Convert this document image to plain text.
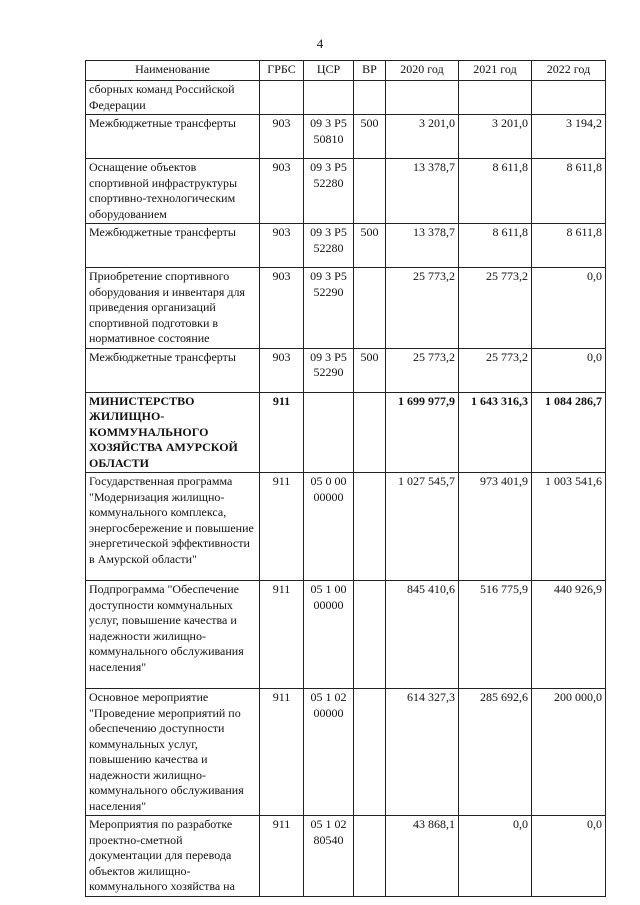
4
Наименование	ГРБС	ЦСР	ВР	2020 год	2021 год	2022 год
сборных команд Российской Федерации						
Межбюджетные трансферты	903	09 3 P5 50810	500	3 201,0	3 201,0	3 194,2
Оснащение объектов спортивной инфраструктуры спортивно-технологическим оборудованием	903	09 3 P5 52280		13 378,7	8 611,8	8 611,8
Межбюджетные трансферты	903	09 3 P5 52280	500	13 378,7	8 611,8	8 611,8
Приобретение спортивного оборудования и инвентаря для приведения организаций спортивной подготовки в нормативное состояние	903	09 3 P5 52290		25 773,2	25 773,2	0,0
Межбюджетные трансферты	903	09 3 P5 52290	500	25 773,2	25 773,2	0,0
МИНИСТЕРСТВО ЖИЛИЩНО-КОММУНАЛЬНОГО ХОЗЯЙСТВА АМУРСКОЙ ОБЛАСТИ	911			1 699 977,9	1 643 316,3	1 084 286,7
Государственная программа "Модернизация жилищно-коммунального комплекса, энергосбережение и повышение энергетической эффективности в Амурской области"	911	05 0 00 00000		1 027 545,7	973 401,9	1 003 541,6
Подпрограмма "Обеспечение доступности коммунальных услуг, повышение качества и надежности жилищно-коммунального обслуживания населения"	911	05 1 00 00000		845 410,6	516 775,9	440 926,9
Основное мероприятие "Проведение мероприятий по обеспечению доступности коммунальных услуг, повышению качества и надежности жилищно-коммунального обслуживания населения"	911	05 1 02 00000		614 327,3	285 692,6	200 000,0
Мероприятия по разработке проектно-сметной документации для перевода объектов жилищно-коммунального хозяйства на	911	05 1 02 80540		43 868,1	0,0	0,0
